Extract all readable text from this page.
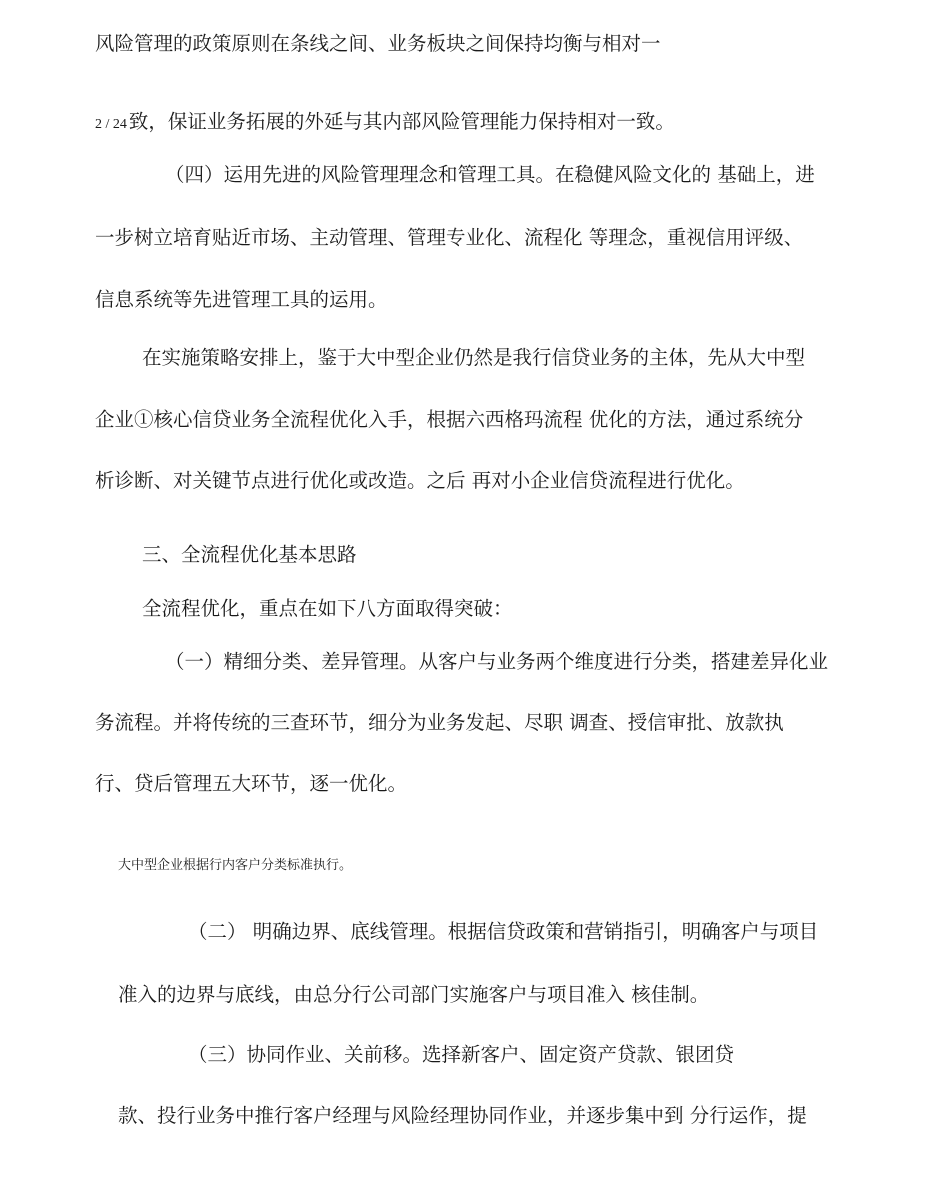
风险管理的政策原则在条线之间、业务板块之间保持均衡与相对一

2 / 24 致，保证业务拓展的外延与其内部风险管理能力保持相对一致。

（四）运用先进的风险管理理念和管理工具。在稳健风险文化的 基础上，进

一步树立培育贴近市场、主动管理、管理专业化、流程化 等理念，重视信用评级、

信息系统等先进管理工具的运用。

在实施策略安排上，鉴于大中型企业仍然是我行信贷业务的主体，先从大中型

企业①核心信贷业务全流程优化入手，根据六西格玛流程 优化的方法，通过系统分

析诊断、对关键节点进行优化或改造。之后 再对小企业信贷流程进行优化。

三、全流程优化基本思路

全流程优化，重点在如下八方面取得突破：

（一）精细分类、差异管理。从客户与业务两个维度进行分类，搭建差异化业

务流程。并将传统的三查环节，细分为业务发起、尽职 调查、授信审批、放款执

行、贷后管理五大环节，逐一优化。

大中型企业根据行内客户分类标准执行。

（二） 明确边界、底线管理。根据信贷政策和营销指引，明确客户与项目

准入的边界与底线，由总分行公司部门实施客户与项目准入 核佳制。

（三）协同作业、关前移。选择新客户、固定资产贷款、银团贷

款、投行业务中推行客户经理与风险经理协同作业，并逐步集中到 分行运作，提
